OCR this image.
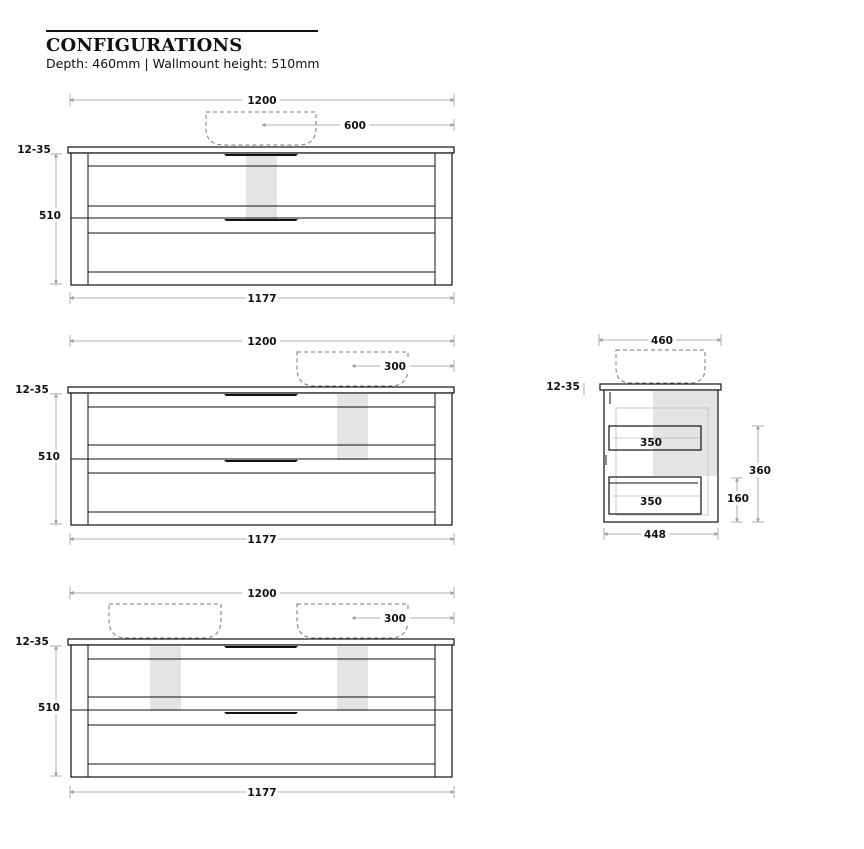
CONFIGURATIONS
Depth: 460mm | Wallmount height: 510mm
1200
600
12-35
510
1177
1200
300
12-35
510
1177
1200
300
12-35
510
1177
460
12-35
350
350
360
160
448
